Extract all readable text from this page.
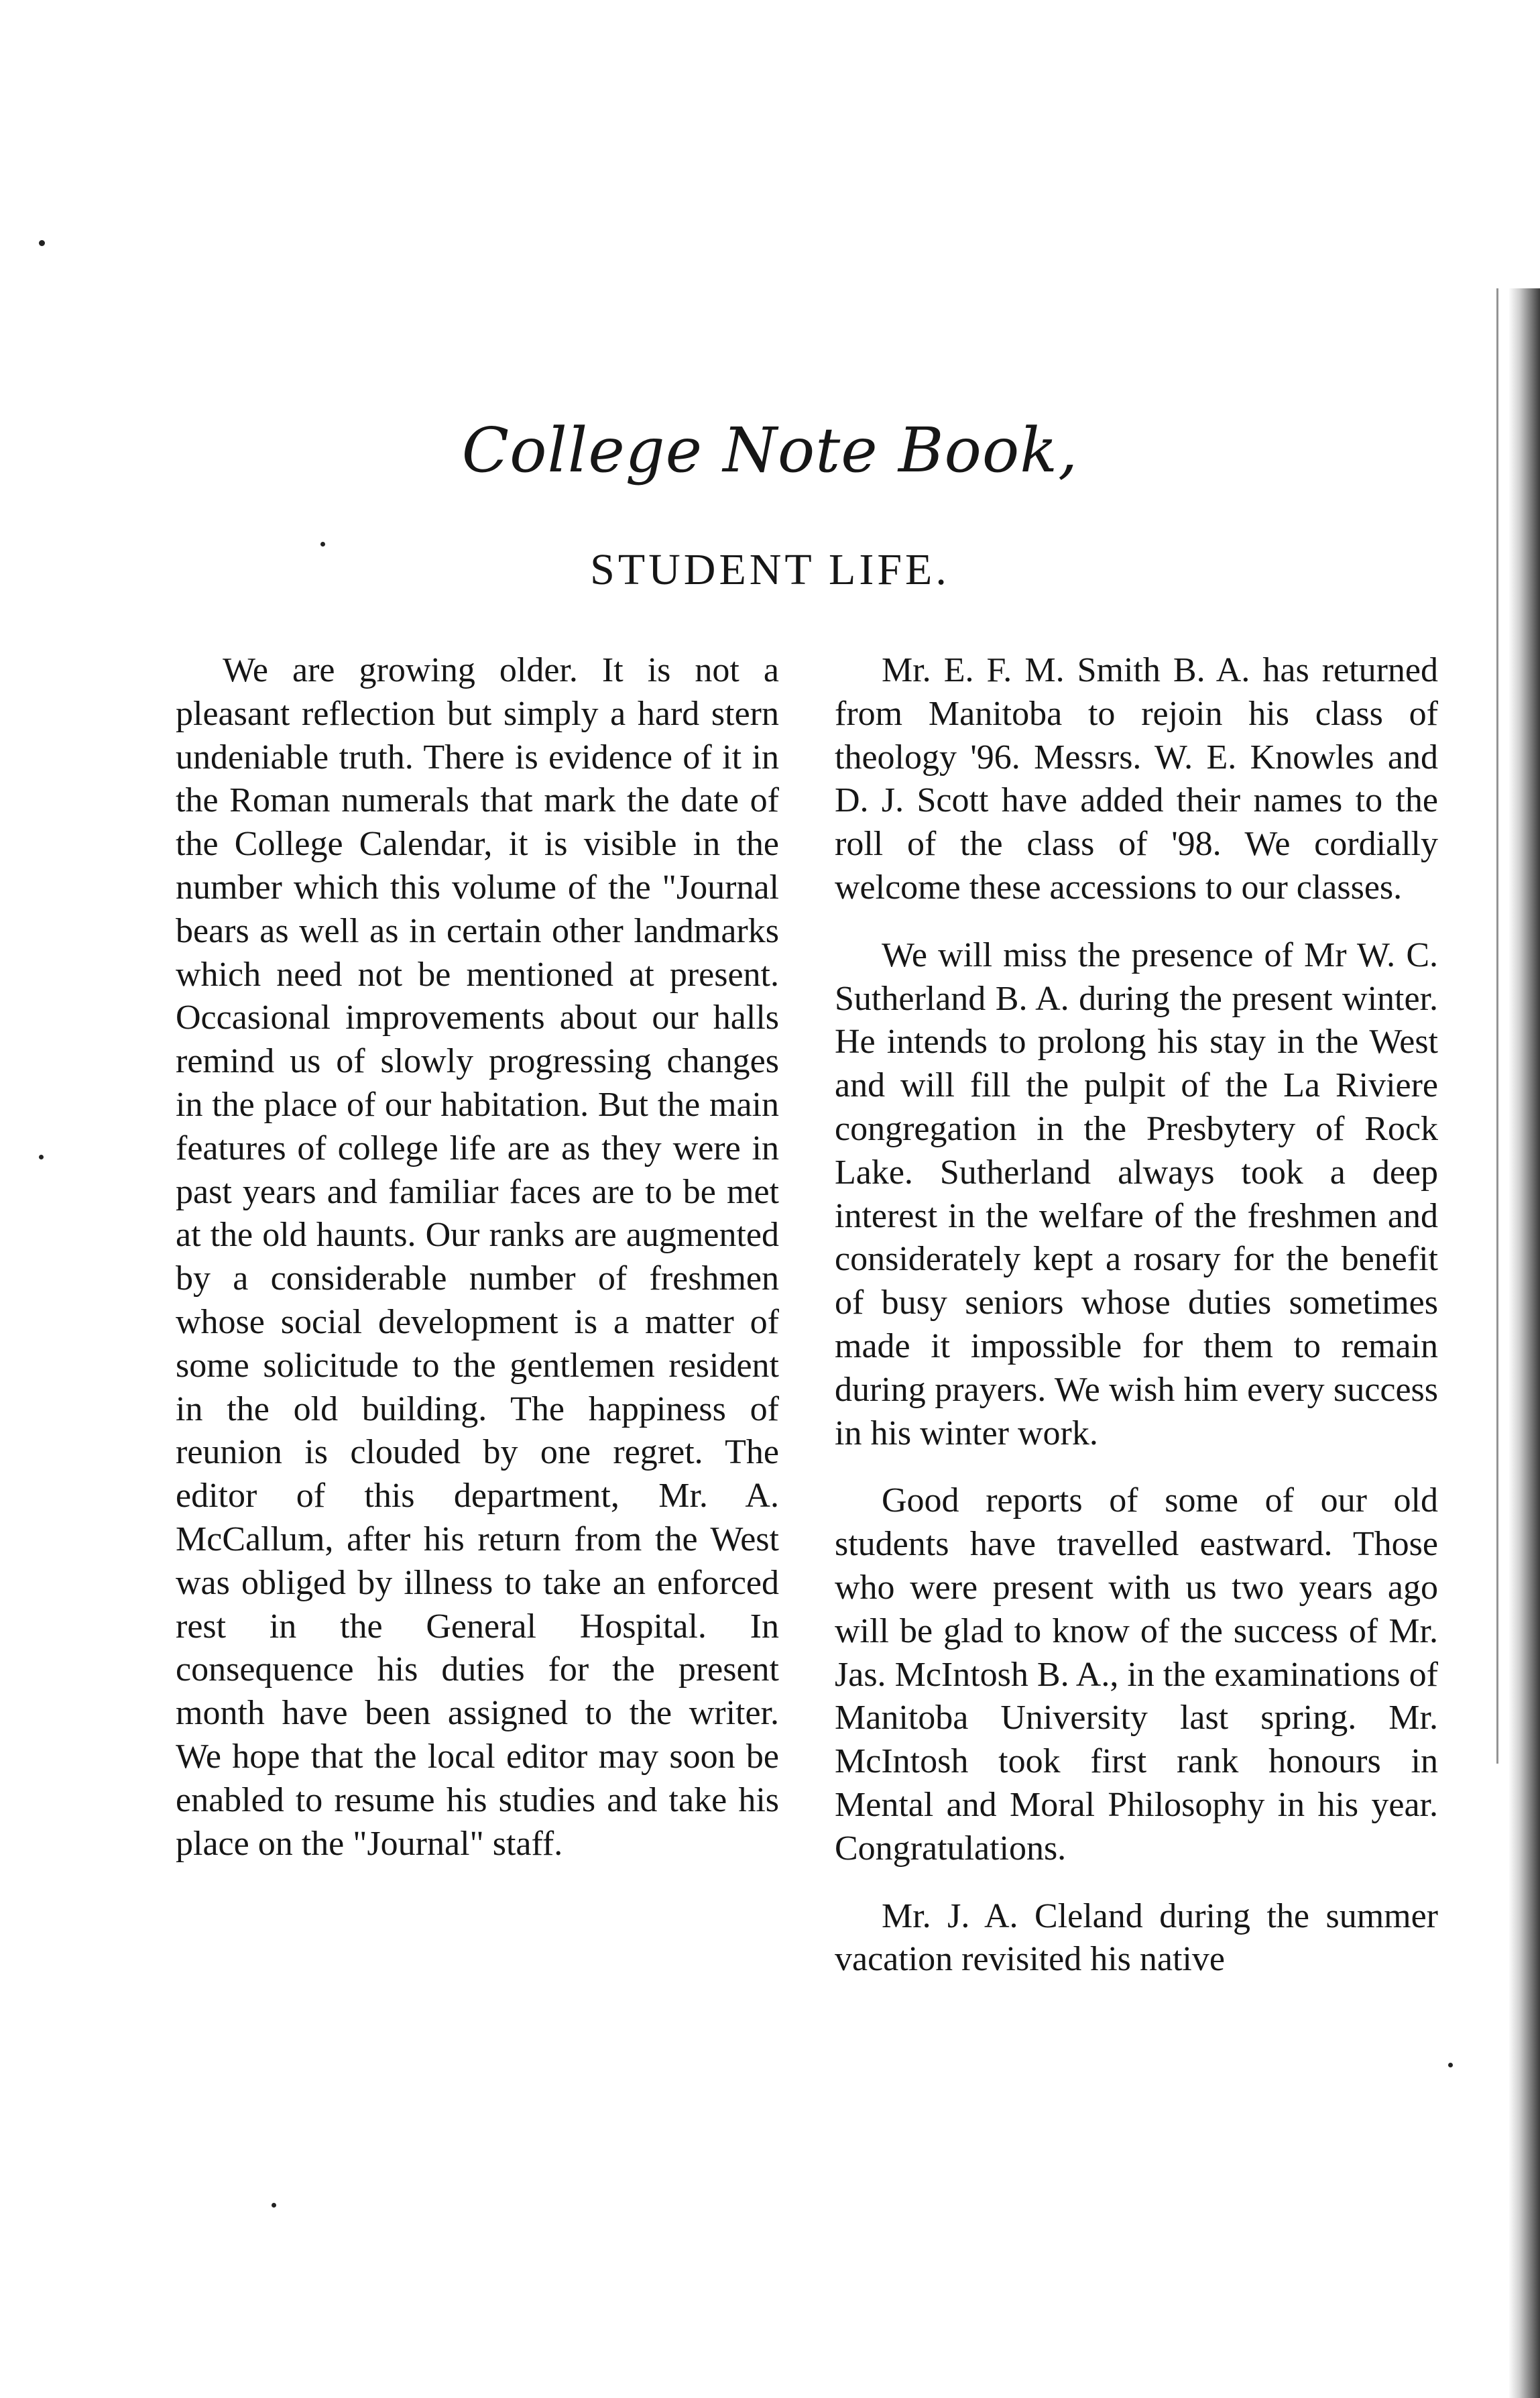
College Note Book,
STUDENT LIFE.

We are growing older. It is not a pleasant reflection but simply a hard stern undeniable truth. There is evidence of it in the Roman numerals that mark the date of the College Calendar, it is visible in the number which this volume of the "Journal bears as well as in certain other landmarks which need not be mentioned at present. Occasional improvements about our halls remind us of slowly progressing changes in the place of our habitation. But the main features of college life are as they were in past years and familiar faces are to be met at the old haunts. Our ranks are augmented by a considerable number of freshmen whose social development is a matter of some solicitude to the gentlemen resident in the old building. The happiness of reunion is clouded by one regret. The editor of this department, Mr. A. McCallum, after his return from the West was obliged by illness to take an enforced rest in the General Hospital. In consequence his duties for the present month have been assigned to the writer. We hope that the local editor may soon be enabled to resume his studies and take his place on the "Journal" staff.

Mr. E. F. M. Smith B. A. has returned from Manitoba to rejoin his class of theology '96. Messrs. W. E. Knowles and D. J. Scott have added their names to the roll of the class of '98. We cordially welcome these accessions to our classes.

We will miss the presence of Mr W. C. Sutherland B. A. during the present winter. He intends to prolong his stay in the West and will fill the pulpit of the La Riviere congregation in the Presbytery of Rock Lake. Sutherland always took a deep interest in the welfare of the freshmen and considerately kept a rosary for the benefit of busy seniors whose duties sometimes made it impossible for them to remain during prayers. We wish him every success in his winter work.

Good reports of some of our old students have travelled eastward. Those who were present with us two years ago will be glad to know of the success of Mr. Jas. McIntosh B. A., in the examinations of Manitoba University last spring. Mr. McIntosh took first rank honours in Mental and Moral Philosophy in his year. Congratulations.

Mr. J. A. Cleland during the summer vacation revisited his native
